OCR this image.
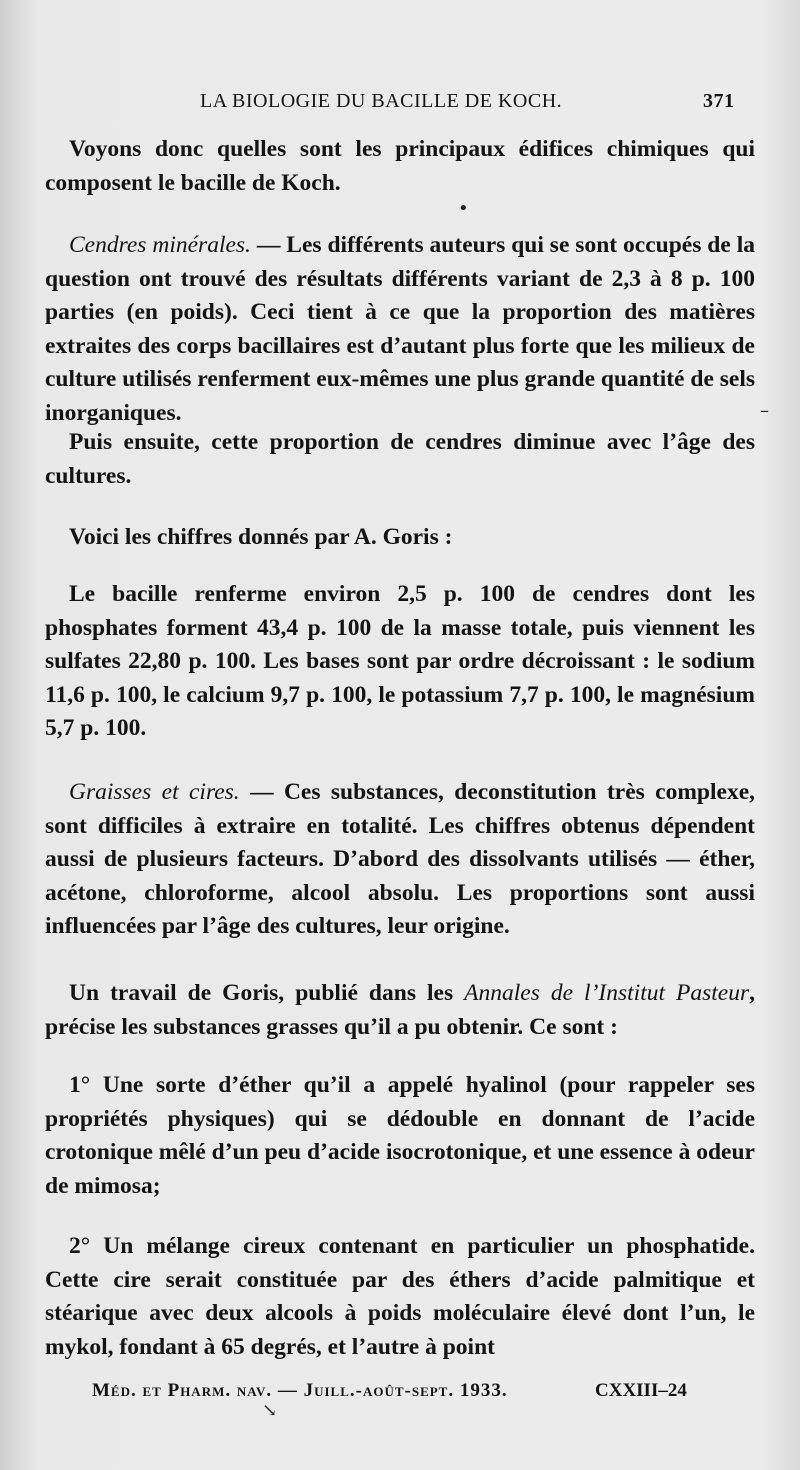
LA BIOLOGIE DU BACILLE DE KOCH.	371

Voyons donc quelles sont les principaux édifices chimiques qui composent le bacille de Koch.

Cendres minérales. — Les différents auteurs qui se sont occupés de la question ont trouvé des résultats différents variant de 2,3 à 8 p. 100 parties (en poids). Ceci tient à ce que la proportion des matières extraites des corps bacillaires est d’autant plus forte que les milieux de culture utilisés renferment eux-mêmes une plus grande quantité de sels inorganiques.

Puis ensuite, cette proportion de cendres diminue avec l’âge des cultures.

Voici les chiffres donnés par A. Goris :

Le bacille renferme environ 2,5 p. 100 de cendres dont les phosphates forment 43,4 p. 100 de la masse totale, puis viennent les sulfates 22,80 p. 100. Les bases sont par ordre décroissant : le sodium 11,6 p. 100, le calcium 9,7 p. 100, le potassium 7,7 p. 100, le magnésium 5,7 p. 100.

Graisses et cires. — Ces substances, deconstitution très complexe, sont difficiles à extraire en totalité. Les chiffres obtenus dépendent aussi de plusieurs facteurs. D’abord des dissolvants utilisés — éther, acétone, chloroforme, alcool absolu. Les proportions sont aussi influencées par l’âge des cultures, leur origine.

Un travail de Goris, publié dans les Annales de l’Institut Pasteur, précise les substances grasses qu’il a pu obtenir. Ce sont :

1° Une sorte d’éther qu’il a appelé hyalinol (pour rappeler ses propriétés physiques) qui se dédouble en donnant de l’acide crotonique mêlé d’un peu d’acide isocrotonique, et une essence à odeur de mimosa;

2° Un mélange cireux contenant en particulier un phosphatide. Cette cire serait constituée par des éthers d’acide palmitique et stéarique avec deux alcools à poids moléculaire élevé dont l’un, le mykol, fondant à 65 degrés, et l’autre à point

Méd. et Pharm. nav. — Juill.-août-sept. 1933.	CXXIII–24
•
–
↘
